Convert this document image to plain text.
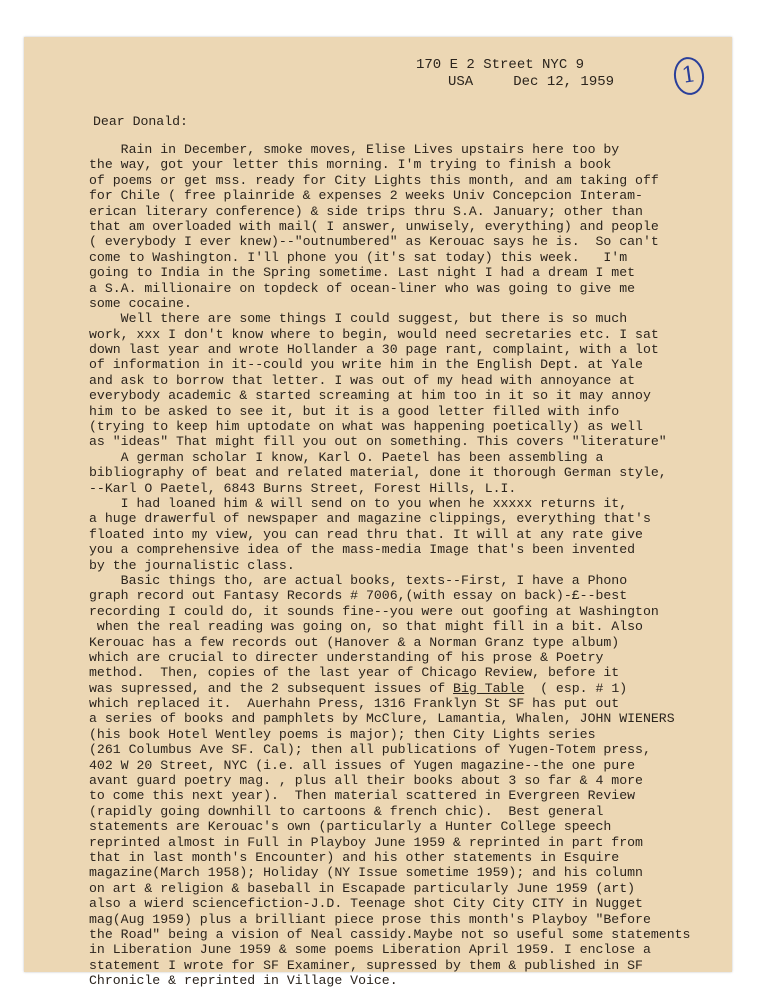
170 E 2 Street NYC 9
USA	Dec 12, 1959	1
Dear Donald:
Rain in December, smoke moves, Elise Lives upstairs here too by
the way, got your letter this morning. I'm trying to finish a book
of poems or get mss. ready for City Lights this month, and am taking off
for Chile ( free plainride & expenses 2 weeks Univ Concepcion Interam-
erican literary conference) & side trips thru S.A. January; other than
that am overloaded with mail( I answer, unwisely, everything) and people
( everybody I ever knew)--"outnumbered" as Kerouac says he is.  So can't
come to Washington. I'll phone you (it's sat today) this week.   I'm
going to India in the Spring sometime. Last night I had a dream I met
a S.A. millionaire on topdeck of ocean-liner who was going to give me
some cocaine.
Well there are some things I could suggest, but there is so much
work, xxx I don't know where to begin, would need secretaries etc. I sat
down last year and wrote Hollander a 30 page rant, complaint, with a lot
of information in it--could you write him in the English Dept. at Yale
and ask to borrow that letter. I was out of my head with annoyance at
everybody academic & started screaming at him too in it so it may annoy
him to be asked to see it, but it is a good letter filled with info
(trying to keep him uptodate on what was happening poetically) as well
as "ideas" That might fill you out on something. This covers "literature"
A german scholar I know, Karl O. Paetel has been assembling a
bibliography of beat and related material, done it thorough German style,
--Karl O Paetel, 6843 Burns Street, Forest Hills, L.I.
I had loaned him & will send on to you when he xxxxx returns it,
a huge drawerful of newspaper and magazine clippings, everything that's
floated into my view, you can read thru that. It will at any rate give
you a comprehensive idea of the mass-media Image that's been invented
by the journalistic class.
Basic things tho, are actual books, texts--First, I have a Phono
graph record out Fantasy Records # 7006,(with essay on back)-£--best
recording I could do, it sounds fine--you were out goofing at Washington
when the real reading was going on, so that might fill in a bit. Also
Kerouac has a few records out (Hanover & a Norman Granz type album)
which are crucial to directer understanding of his prose & Poetry
method.  Then, copies of the last year of Chicago Review, before it
was supressed, and the 2 subsequent issues of Big Table  ( esp. # 1)
which replaced it.  Auerhahn Press, 1316 Franklyn St SF has put out
a series of books and pamphlets by McClure, Lamantia, Whalen, JOHN WIENERS
(his book Hotel Wentley poems is major); then City Lights series
(261 Columbus Ave SF. Cal); then all publications of Yugen-Totem press,
402 W 20 Street, NYC (i.e. all issues of Yugen magazine--the one pure
avant guard poetry mag. , plus all their books about 3 so far & 4 more
to come this next year).  Then material scattered in Evergreen Review
(rapidly going downhill to cartoons & french chic).  Best general
statements are Kerouac's own (particularly a Hunter College speech
reprinted almost in Full in Playboy June 1959 & reprinted in part from
that in last month's Encounter) and his other statements in Esquire
magazine(March 1958); Holiday (NY Issue sometime 1959); and his column
on art & religion & baseball in Escapade particularly June 1959 (art)
also a wierd sciencefiction-J.D. Teenage shot City City CITY in Nugget
mag(Aug 1959) plus a brilliant piece prose this month's Playboy "Before
the Road" being a vision of Neal cassidy.Maybe not so useful some statements
in Liberation June 1959 & some poems Liberation April 1959. I enclose a
statement I wrote for SF Examiner, supressed by them & published in SF
Chronicle & reprinted in Village Voice.
